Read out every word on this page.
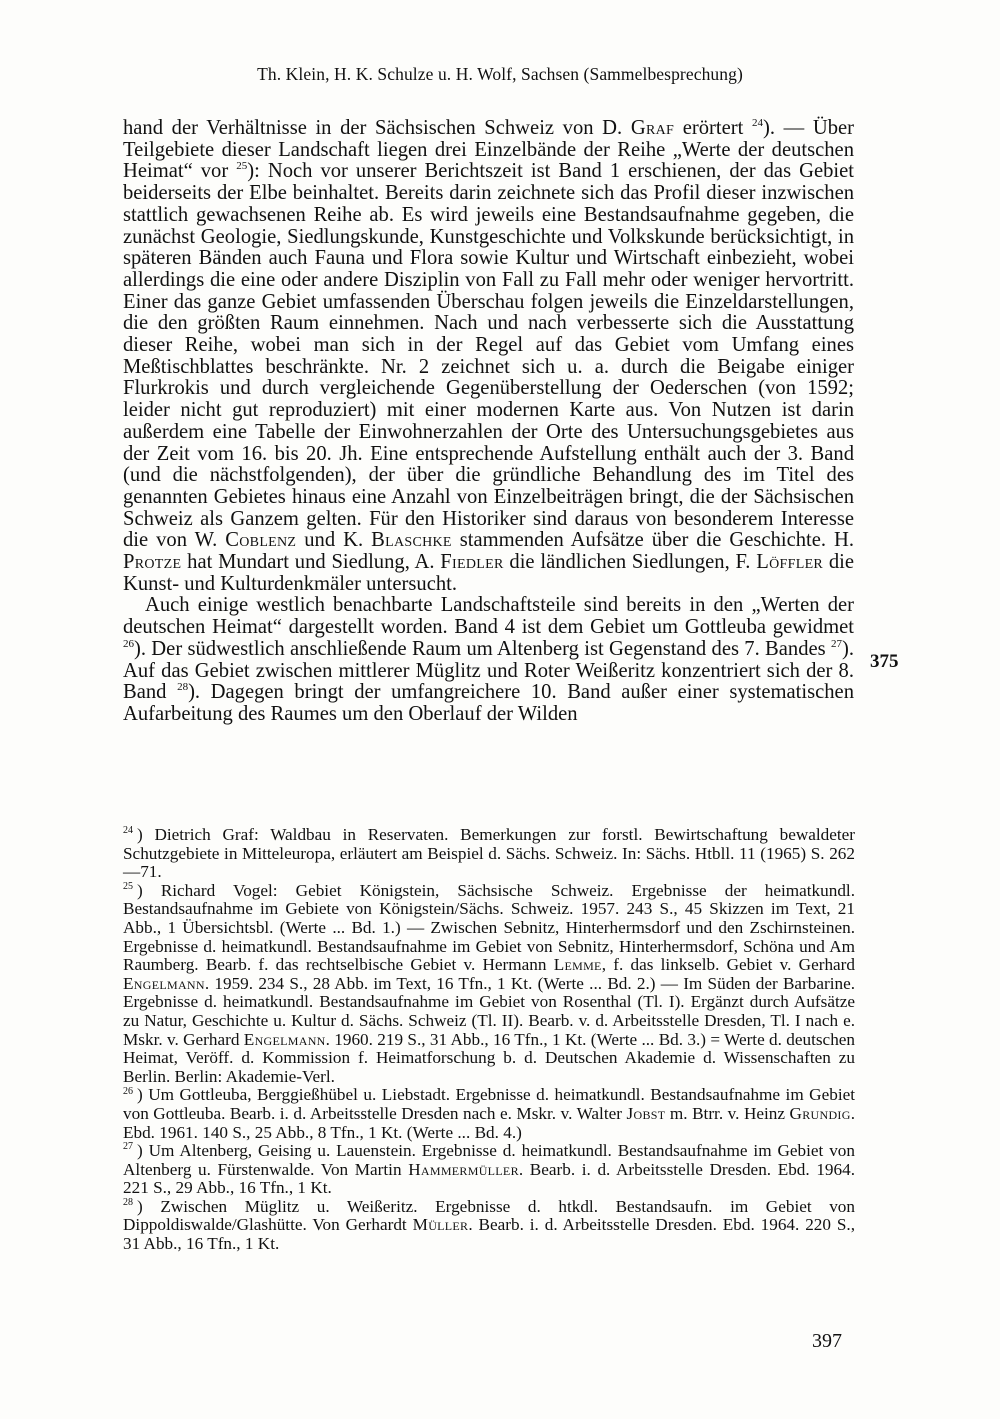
Th. Klein, H. K. Schulze u. H. Wolf, Sachsen (Sammelbesprechung)

hand der Verhältnisse in der Sächsischen Schweiz von D. Graf erörtert $^{24}$). — Über Teilgebiete dieser Landschaft liegen drei Einzelbände der Reihe „Werte der deutschen Heimat“ vor $^{25}$): Noch vor unserer Berichtszeit ist Band 1 erschienen, der das Gebiet beiderseits der Elbe beinhaltet. Bereits darin zeichnete sich das Profil dieser inzwischen stattlich gewachsenen Reihe ab. Es wird jeweils eine Bestandsaufnahme gegeben, die zunächst Geologie, Siedlungskunde, Kunstgeschichte und Volkskunde berücksichtigt, in späteren Bänden auch Fauna und Flora sowie Kultur und Wirtschaft einbezieht, wobei allerdings die eine oder andere Disziplin von Fall zu Fall mehr oder weniger hervortritt. Einer das ganze Gebiet umfassenden Überschau folgen jeweils die Einzeldarstellungen, die den größten Raum einnehmen. Nach und nach verbesserte sich die Ausstattung dieser Reihe, wobei man sich in der Regel auf das Gebiet vom Umfang eines Meßtischblattes beschränkte. Nr. 2 zeichnet sich u. a. durch die Beigabe einiger Flurkrokis und durch vergleichende Gegenüberstellung der Oederschen (von 1592; leider nicht gut reproduziert) mit einer modernen Karte aus. Von Nutzen ist darin außerdem eine Tabelle der Einwohnerzahlen der Orte des Untersuchungsgebietes aus der Zeit vom 16. bis 20. Jh. Eine entsprechende Aufstellung enthält auch der 3. Band (und die nächstfolgenden), der über die gründliche Behandlung des im Titel des genannten Gebietes hinaus eine Anzahl von Einzelbeiträgen bringt, die der Sächsischen Schweiz als Ganzem gelten. Für den Historiker sind daraus von besonderem Interesse die von W. Coblenz und K. Blaschke stammenden Aufsätze über die Geschichte. H. Protze hat Mundart und Siedlung, A. Fiedler die ländlichen Siedlungen, F. Löffler die Kunst- und Kulturdenkmäler untersucht.

Auch einige westlich benachbarte Landschaftsteile sind bereits in den „Werten der deutschen Heimat“ dargestellt worden. Band 4 ist dem Gebiet um Gottleuba gewidmet $^{26}$). Der südwestlich anschließende Raum um Altenberg ist Gegenstand des 7. Bandes $^{27}$). Auf das Gebiet zwischen mittlerer Müglitz und Roter Weißeritz konzentriert sich der 8. Band $^{28}$). Dagegen bringt der umfangreichere 10. Band außer einer systematischen Aufarbeitung des Raumes um den Oberlauf der Wilden

375

$^{24}$ ) Dietrich Graf: Waldbau in Reservaten. Bemerkungen zur forstl. Bewirtschaftung bewaldeter Schutzgebiete in Mitteleuropa, erläutert am Beispiel d. Sächs. Schweiz. In: Sächs. Htbll. 11 (1965) S. 262—71.

$^{25}$ ) Richard Vogel: Gebiet Königstein, Sächsische Schweiz. Ergebnisse der heimatkundl. Bestandsaufnahme im Gebiete von Königstein/Sächs. Schweiz. 1957. 243 S., 45 Skizzen im Text, 21 Abb., 1 Übersichtsbl. (Werte ... Bd. 1.) — Zwischen Sebnitz, Hinterhermsdorf und den Zschirnsteinen. Ergebnisse d. heimatkundl. Bestandsaufnahme im Gebiet von Sebnitz, Hinterhermsdorf, Schöna und Am Raumberg. Bearb. f. das rechtselbische Gebiet v. Hermann Lemme, f. das linkselb. Gebiet v. Gerhard Engelmann. 1959. 234 S., 28 Abb. im Text, 16 Tfn., 1 Kt. (Werte ... Bd. 2.) — Im Süden der Barbarine. Ergebnisse d. heimatkundl. Bestandsaufnahme im Gebiet von Rosenthal (Tl. I). Ergänzt durch Aufsätze zu Natur, Geschichte u. Kultur d. Sächs. Schweiz (Tl. II). Bearb. v. d. Arbeitsstelle Dresden, Tl. I nach e. Mskr. v. Gerhard Engelmann. 1960. 219 S., 31 Abb., 16 Tfn., 1 Kt. (Werte ... Bd. 3.) = Werte d. deutschen Heimat, Veröff. d. Kommission f. Heimatforschung b. d. Deutschen Akademie d. Wissenschaften zu Berlin. Berlin: Akademie-Verl.

$^{26}$ ) Um Gottleuba, Berggießhübel u. Liebstadt. Ergebnisse d. heimatkundl. Bestandsaufnahme im Gebiet von Gottleuba. Bearb. i. d. Arbeitsstelle Dresden nach e. Mskr. v. Walter Jobst m. Btrr. v. Heinz Grundig. Ebd. 1961. 140 S., 25 Abb., 8 Tfn., 1 Kt. (Werte ... Bd. 4.)

$^{27}$ ) Um Altenberg, Geising u. Lauenstein. Ergebnisse d. heimatkundl. Bestandsaufnahme im Gebiet von Altenberg u. Fürstenwalde. Von Martin Hammermüller. Bearb. i. d. Arbeitsstelle Dresden. Ebd. 1964. 221 S., 29 Abb., 16 Tfn., 1 Kt.

$^{28}$ ) Zwischen Müglitz u. Weißeritz. Ergebnisse d. htkdl. Bestandsaufn. im Gebiet von Dippoldiswalde/Glashütte. Von Gerhardt Müller. Bearb. i. d. Arbeitsstelle Dresden. Ebd. 1964. 220 S., 31 Abb., 16 Tfn., 1 Kt.

397
